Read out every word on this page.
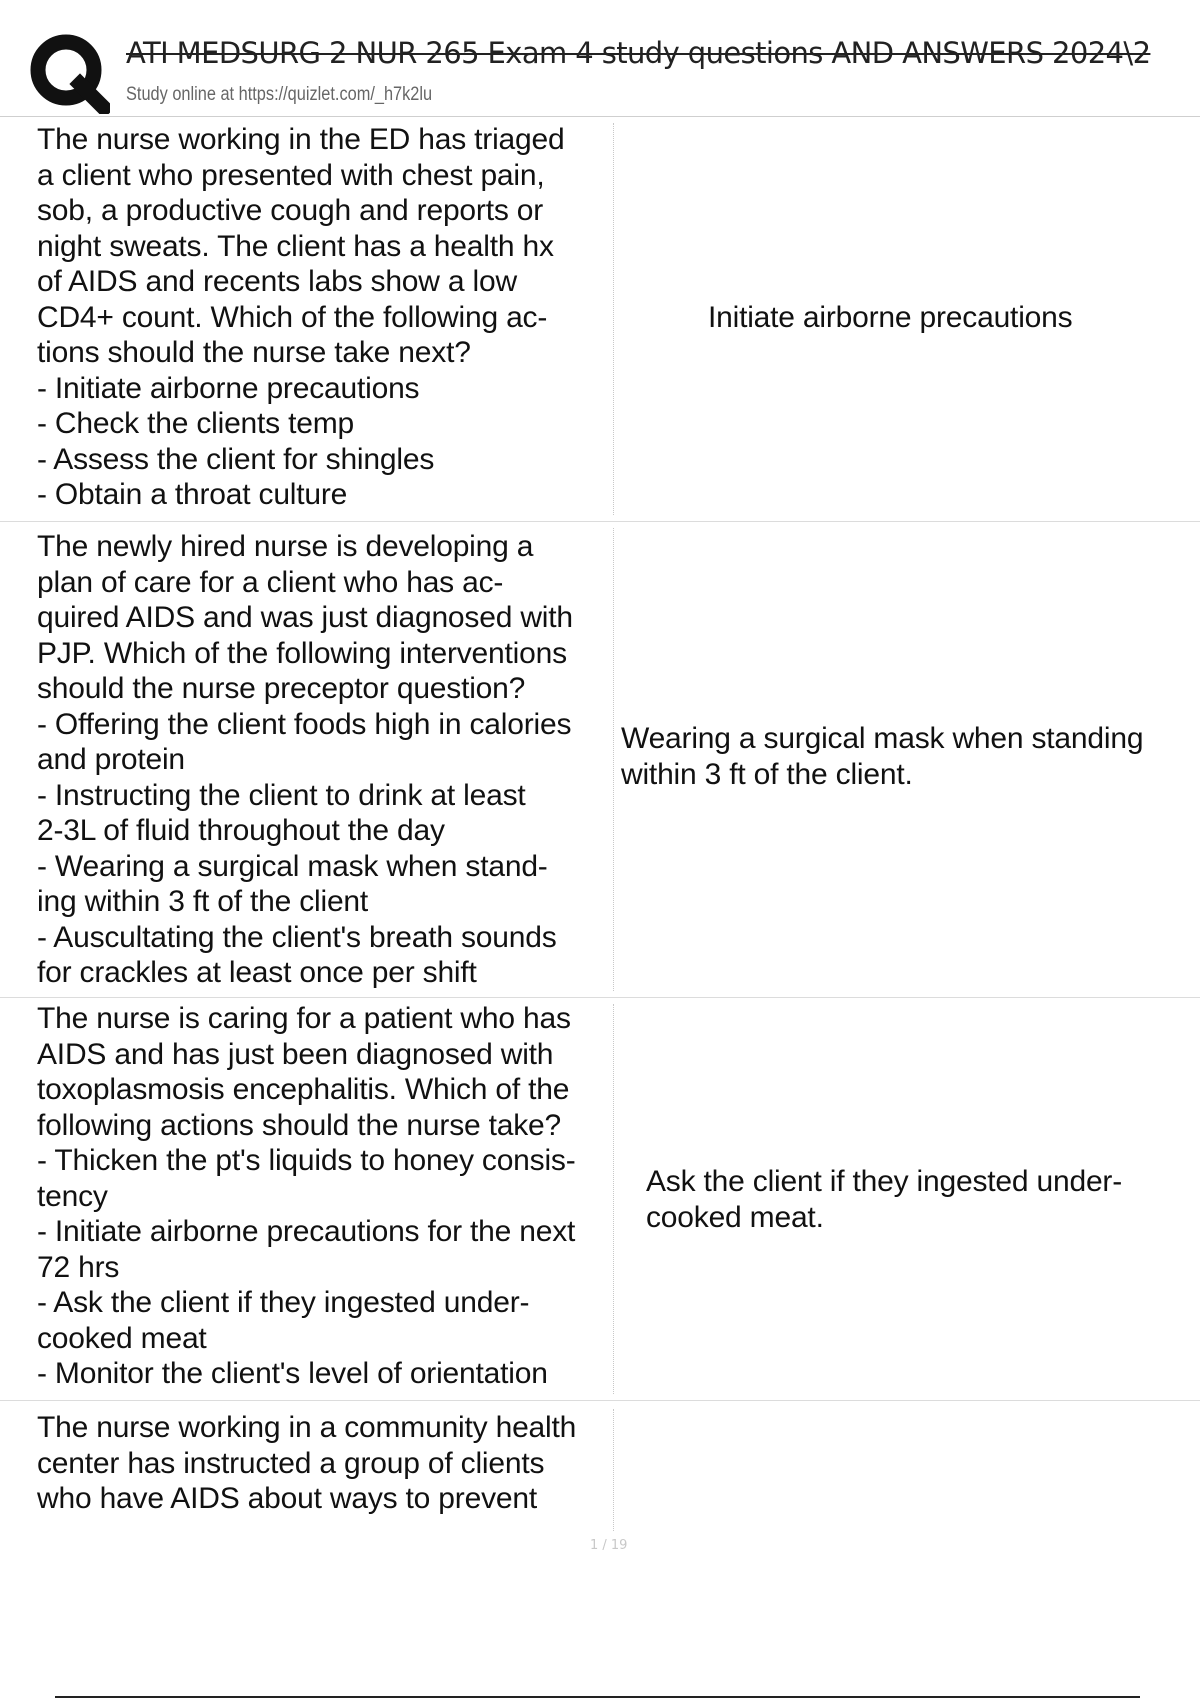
ATI MEDSURG 2 NUR 265 Exam 4 study questions AND ANSWERS 2024\2
Study online at https://quizlet.com/_h7k2lu
The nurse working in the ED has triaged
a client who presented with chest pain,
sob, a productive cough and reports or
night sweats. The client has a health hx
of AIDS and recents labs show a low
CD4+ count. Which of the following ac-
tions should the nurse take next?
- Initiate airborne precautions
- Check the clients temp
- Assess the client for shingles
- Obtain a throat culture
Initiate airborne precautions
The newly hired nurse is developing a
plan of care for a client who has ac-
quired AIDS and was just diagnosed with
PJP. Which of the following interventions
should the nurse preceptor question?
- Offering the client foods high in calories
and protein
- Instructing the client to drink at least
2-3L of fluid throughout the day
- Wearing a surgical mask when stand-
ing within 3 ft of the client
- Auscultating the client's breath sounds
for crackles at least once per shift
Wearing a surgical mask when standing
within 3 ft of the client.
The nurse is caring for a patient who has
AIDS and has just been diagnosed with
toxoplasmosis encephalitis. Which of the
following actions should the nurse take?
- Thicken the pt's liquids to honey consis-
tency
- Initiate airborne precautions for the next
72 hrs
- Ask the client if they ingested under-
cooked meat
- Monitor the client's level of orientation
Ask the client if they ingested under-
cooked meat.
The nurse working in a community health
center has instructed a group of clients
who have AIDS about ways to prevent
1 / 19
